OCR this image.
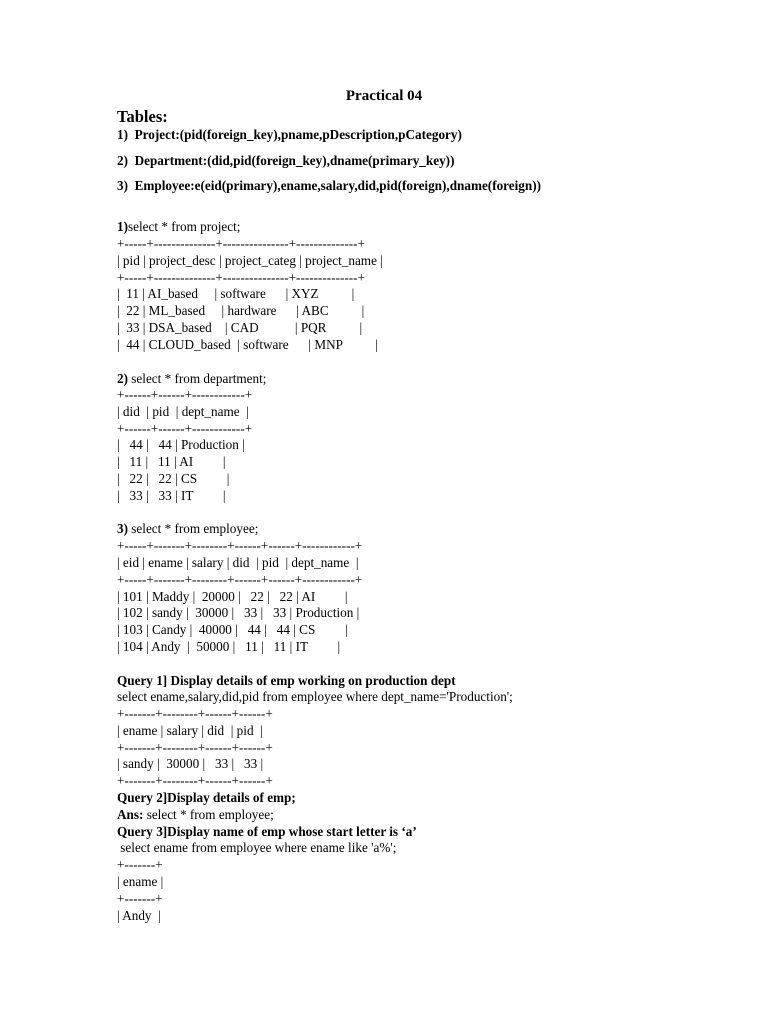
Practical 04
Tables:
1)  Project:(pid(foreign_key),pname,pDescription,pCategory)
2)  Department:(did,pid(foreign_key),dname(primary_key))
3)  Employee:e(eid(primary),ename,salary,did,pid(foreign),dname(foreign))
1)select * from project;
+-----+--------------+---------------+--------------+
| pid | project_desc | project_categ | project_name |
+-----+--------------+---------------+--------------+
|  11 | AI_based     | software      | XYZ          |
|  22 | ML_based     | hardware      | ABC          |
|  33 | DSA_based    | CAD           | PQR          |
|  44 | CLOUD_based  | software      | MNP          |
2) select * from department;
+------+------+------------+
| did  | pid  | dept_name  |
+------+------+------------+
|   44 |   44 | Production |
|   11 |   11 | AI         |
|   22 |   22 | CS         |
|   33 |   33 | IT         |
3) select * from employee;
+-----+-------+--------+------+------+------------+
| eid | ename | salary | did  | pid  | dept_name  |
+-----+-------+--------+------+------+------------+
| 101 | Maddy |  20000 |   22 |   22 | AI         |
| 102 | sandy |  30000 |   33 |   33 | Production |
| 103 | Candy |  40000 |   44 |   44 | CS         |
| 104 | Andy  |  50000 |   11 |   11 | IT         |
Query 1] Display details of emp working on production dept
select ename,salary,did,pid from employee where dept_name='Production';
+-------+--------+------+------+
| ename | salary | did  | pid  |
+-------+--------+------+------+
| sandy |  30000 |   33 |   33 |
+-------+--------+------+------+
Query 2]Display details of emp;
Ans: select * from employee;
Query 3]Display name of emp whose start letter is ‘a’
select ename from employee where ename like 'a%';
+-------+
| ename |
+-------+
| Andy  |
